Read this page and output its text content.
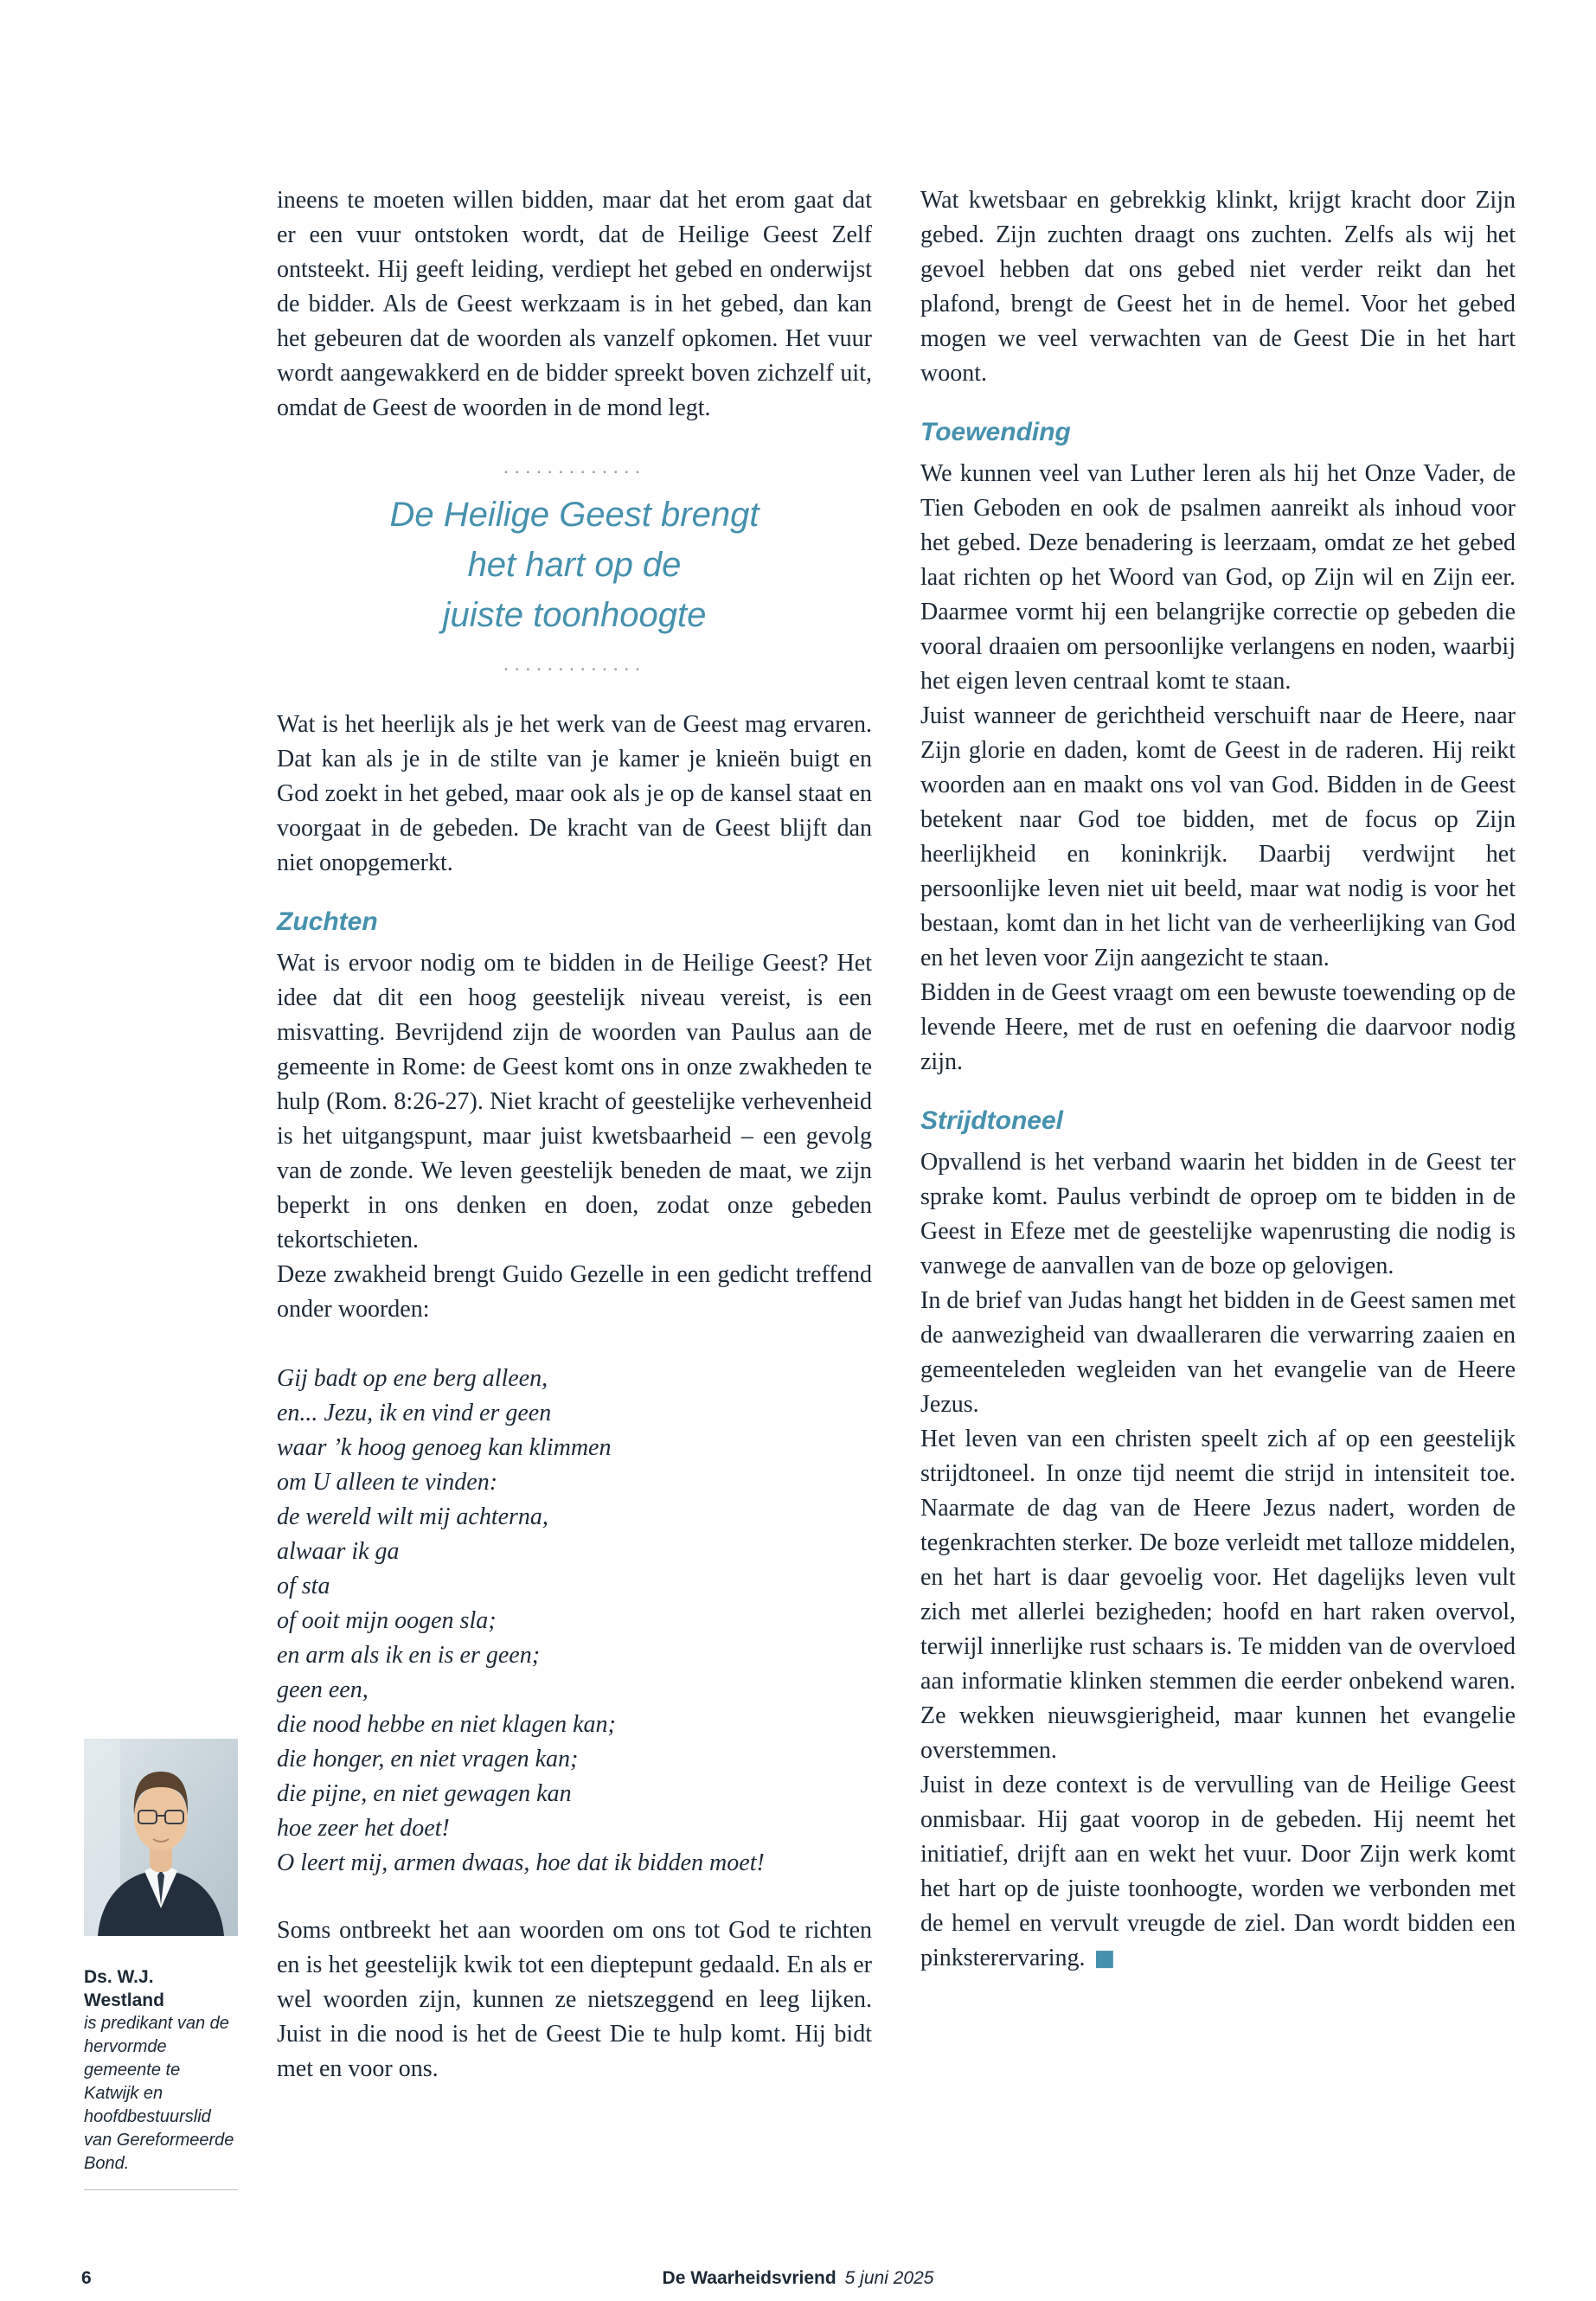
ineens te moeten willen bidden, maar dat het erom gaat dat er een vuur ontstoken wordt, dat de Heilige Geest Zelf ontsteekt. Hij geeft leiding, verdiept het gebed en onderwijst de bidder. Als de Geest werkzaam is in het gebed, dan kan het gebeuren dat de woorden als vanzelf opkomen. Het vuur wordt aangewakkerd en de bidder spreekt boven zichzelf uit, omdat de Geest de woorden in de mond legt.

.............
De Heilige Geest brengt
het hart op de
juiste toonhoogte
.............

Wat is het heerlijk als je het werk van de Geest mag ervaren. Dat kan als je in de stilte van je kamer je knieën buigt en God zoekt in het gebed, maar ook als je op de kansel staat en voorgaat in de gebeden. De kracht van de Geest blijft dan niet onopgemerkt.

Zuchten

Wat is ervoor nodig om te bidden in de Heilige Geest? Het idee dat dit een hoog geestelijk niveau vereist, is een misvatting. Bevrijdend zijn de woorden van Paulus aan de gemeente in Rome: de Geest komt ons in onze zwakheden te hulp (Rom. 8:26-27). Niet kracht of geestelijke verhevenheid is het uitgangspunt, maar juist kwetsbaarheid – een gevolg van de zonde. We leven geestelijk beneden de maat, we zijn beperkt in ons denken en doen, zodat onze gebeden tekortschieten.

Deze zwakheid brengt Guido Gezelle in een gedicht treffend onder woorden:

Gij badt op ene berg alleen,
en... Jezu, ik en vind er geen
waar ’k hoog genoeg kan klimmen
om U alleen te vinden:
de wereld wilt mij achterna,
alwaar ik ga
of sta
of ooit mijn oogen sla;
en arm als ik en is er geen;
geen een,
die nood hebbe en niet klagen kan;
die honger, en niet vragen kan;
die pijne, en niet gewagen kan
hoe zeer het doet!
O leert mij, armen dwaas, hoe dat ik bidden moet!

Soms ontbreekt het aan woorden om ons tot God te richten en is het geestelijk kwik tot een dieptepunt gedaald. En als er wel woorden zijn, kunnen ze nietszeggend en leeg lijken. Juist in die nood is het de Geest Die te hulp komt. Hij bidt met en voor ons.

Wat kwetsbaar en gebrekkig klinkt, krijgt kracht door Zijn gebed. Zijn zuchten draagt ons zuchten. Zelfs als wij het gevoel hebben dat ons gebed niet verder reikt dan het plafond, brengt de Geest het in de hemel. Voor het gebed mogen we veel verwachten van de Geest Die in het hart woont.

Toewending

We kunnen veel van Luther leren als hij het Onze Vader, de Tien Geboden en ook de psalmen aanreikt als inhoud voor het gebed. Deze benadering is leerzaam, omdat ze het gebed laat richten op het Woord van God, op Zijn wil en Zijn eer. Daarmee vormt hij een belangrijke correctie op gebeden die vooral draaien om persoonlijke verlangens en noden, waarbij het eigen leven centraal komt te staan.

Juist wanneer de gerichtheid verschuift naar de Heere, naar Zijn glorie en daden, komt de Geest in de raderen. Hij reikt woorden aan en maakt ons vol van God. Bidden in de Geest betekent naar God toe bidden, met de focus op Zijn heerlijkheid en koninkrijk. Daarbij verdwijnt het persoonlijke leven niet uit beeld, maar wat nodig is voor het bestaan, komt dan in het licht van de verheerlijking van God en het leven voor Zijn aangezicht te staan.

Bidden in de Geest vraagt om een bewuste toewending op de levende Heere, met de rust en oefening die daarvoor nodig zijn.

Strijdtoneel

Opvallend is het verband waarin het bidden in de Geest ter sprake komt. Paulus verbindt de oproep om te bidden in de Geest in Efeze met de geestelijke wapenrusting die nodig is vanwege de aanvallen van de boze op gelovigen.

In de brief van Judas hangt het bidden in de Geest samen met de aanwezigheid van dwaalleraren die verwarring zaaien en gemeenteleden wegleiden van het evangelie van de Heere Jezus.

Het leven van een christen speelt zich af op een geestelijk strijdtoneel. In onze tijd neemt die strijd in intensiteit toe. Naarmate de dag van de Heere Jezus nadert, worden de tegenkrachten sterker. De boze verleidt met talloze middelen, en het hart is daar gevoelig voor. Het dagelijks leven vult zich met allerlei bezigheden; hoofd en hart raken overvol, terwijl innerlijke rust schaars is. Te midden van de overvloed aan informatie klinken stemmen die eerder onbekend waren. Ze wekken nieuwsgierigheid, maar kunnen het evangelie overstemmen.

Juist in deze context is de vervulling van de Heilige Geest onmisbaar. Hij gaat voorop in de gebeden. Hij neemt het initiatief, drijft aan en wekt het vuur. Door Zijn werk komt het hart op de juiste toonhoogte, worden we verbonden met de hemel en vervult vreugde de ziel. Dan wordt bidden een pinksterervaring. ■

Ds. W.J. Westland
is predikant van de hervormde gemeente te Katwijk en hoofdbestuurslid van Gereformeerde Bond.
6	De Waarheidsvriend 5 juni 2025
